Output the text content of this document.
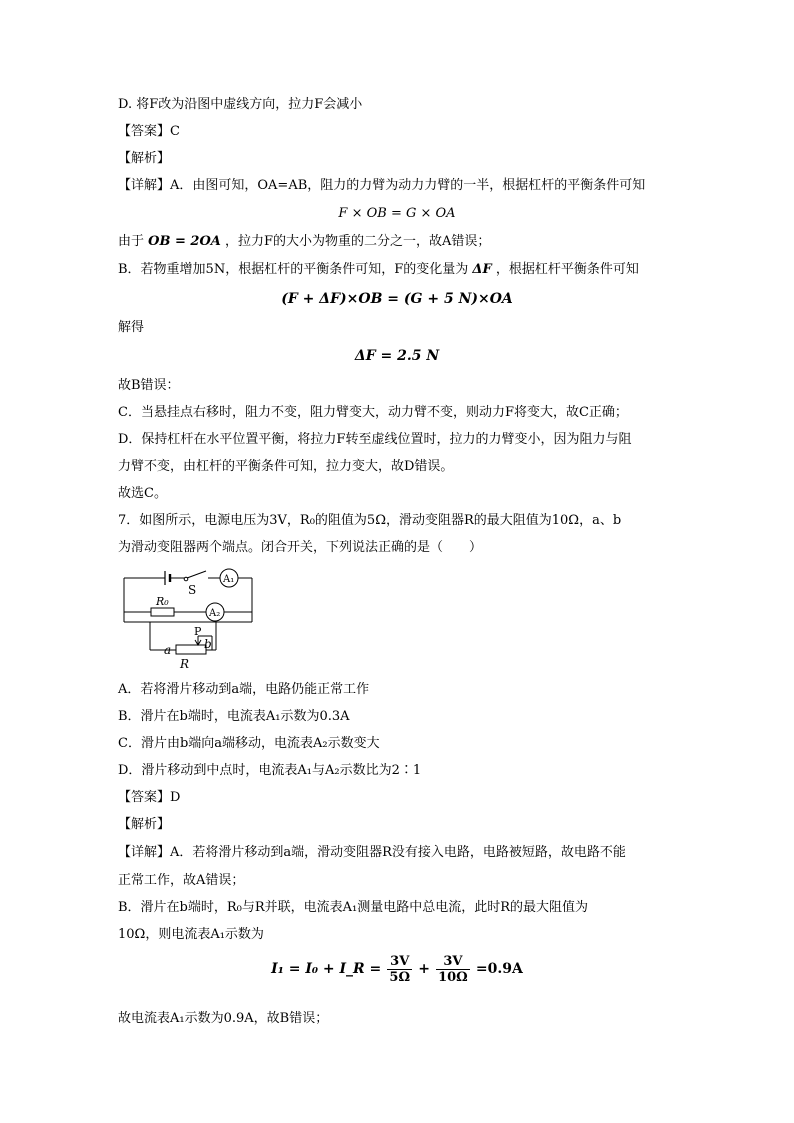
D. 将F改为沿图中虚线方向，拉力F会减小
【答案】C
【解析】
【详解】A．由图可知，OA=AB，阻力的力臂为动力力臂的一半，根据杠杆的平衡条件可知
F × OB = G × OA
由于 OB = 2OA ，拉力F的大小为物重的二分之一，故A错误；
B．若物重增加5N，根据杠杆的平衡条件可知，F的变化量为 ΔF ，根据杠杆平衡条件可知
(F + ΔF)×OB = (G + 5 N)×OA
解得
ΔF = 2.5 N
故B错误：
C．当悬挂点右移时，阻力不变，阻力臂变大，动力臂不变，则动力F将变大，故C正确；
D．保持杠杆在水平位置平衡，将拉力F转至虚线位置时，拉力的力臂变小，因为阻力与阻
力臂不变，由杠杆的平衡条件可知，拉力变大，故D错误。
故选C。
7．如图所示，电源电压为3V，R₀的阻值为5Ω，滑动变阻器R的最大阻值为10Ω，a、b
为滑动变阻器两个端点。闭合开关，下列说法正确的是（　　）
S
A₁
A₂
R₀
P
a	b
R
A．若将滑片移动到a端，电路仍能正常工作
B．滑片在b端时，电流表A₁示数为0.3A
C．滑片由b端向a端移动，电流表A₂示数变大
D．滑片移动到中点时，电流表A₁与A₂示数比为2∶1
【答案】D
【解析】
【详解】A．若将滑片移动到a端，滑动变阻器R没有接入电路，电路被短路，故电路不能
正常工作，故A错误；
B．滑片在b端时，R₀与R并联，电流表A₁测量电路中总电流，此时R的最大阻值为
10Ω，则电流表A₁示数为
I₁ = I₀ + I_R = $\frac{3V}{5\Omega} + \frac{3V}{10\Omega} =0.9A$
故电流表A₁示数为0.9A，故B错误；
